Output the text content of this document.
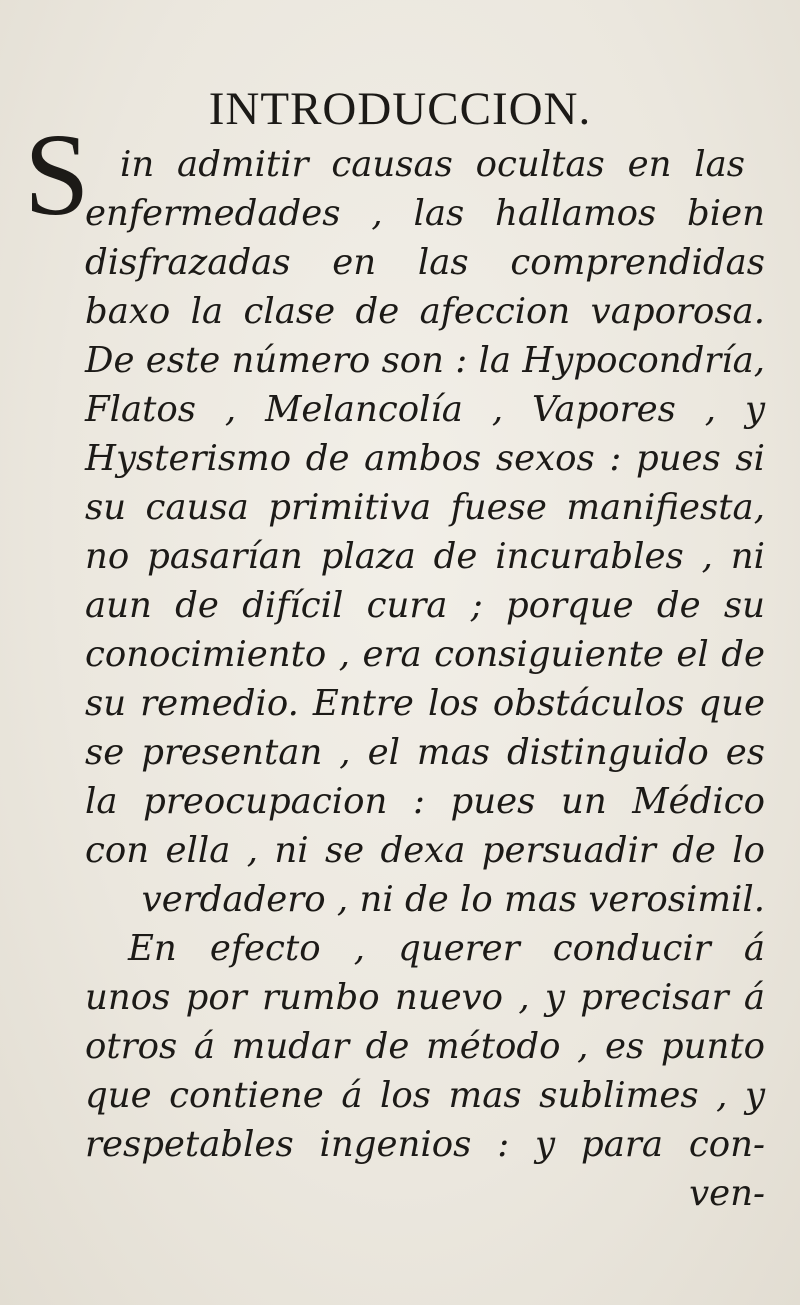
INTRODUCCION.
S in admitir causas ocultas en las
enfermedades , las hallamos bien
disfrazadas en las comprendidas
baxo la clase de afeccion vaporosa.
De este número son : la Hypocondría,
Flatos , Melancolía , Vapores , y
Hysterismo de ambos sexos : pues si
su causa primitiva fuese manifiesta,
no pasarían plaza de incurables , ni
aun de difícil cura ; porque de su
conocimiento , era consiguiente el de
su remedio. Entre los obstáculos que
se presentan , el mas distinguido es
la preocupacion : pues un Médico
con ella , ni se dexa persuadir de lo
verdadero , ni de lo mas verosimil.
En efecto , querer conducir á
unos por rumbo nuevo , y precisar á
otros á mudar de método , es punto
que contiene á los mas sublimes , y
respetables ingenios : y para con-
ven-
